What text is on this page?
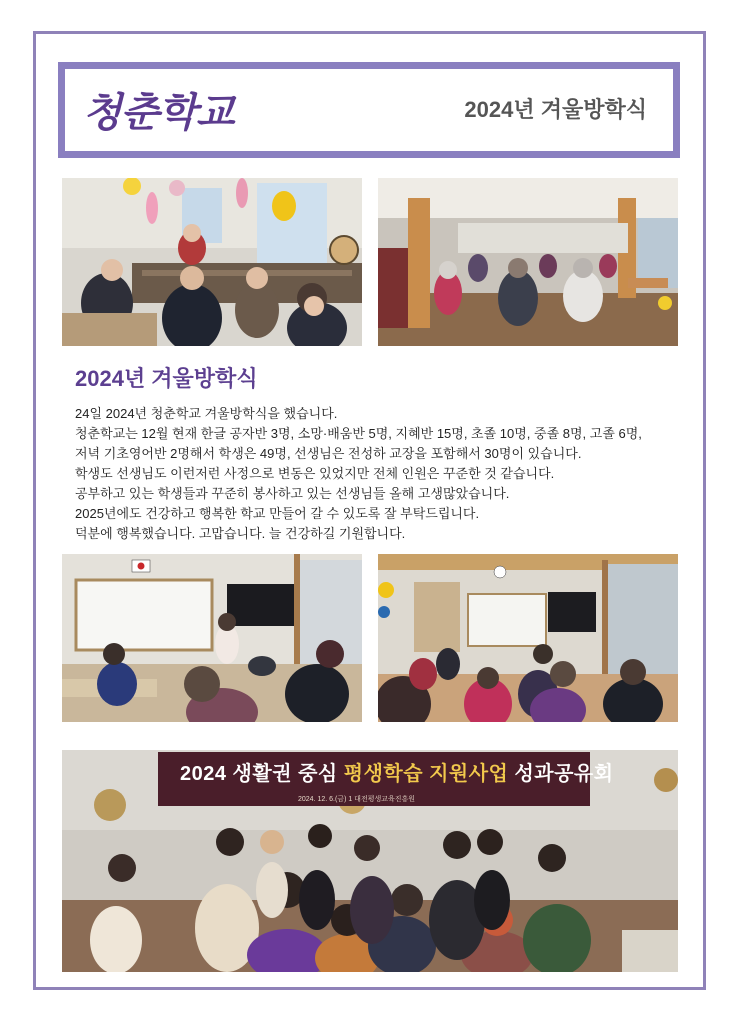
청춘학교	2024년 겨울방학식
2024년 겨울방학식

24일 2024년 청춘학교 겨울방학식을 했습니다.

청춘학교는 12월 현재 한글 공자반 3명, 소망·배움반 5명, 지혜반 15명, 초졸 10명, 중졸 8명, 고졸 6명,

저녁 기초영어반 2명해서 학생은 49명, 선생님은 전성하 교장을 포함해서 30명이 있습니다.

학생도 선생님도 이런저런 사정으로 변동은 있었지만 전체 인원은 꾸준한 것 같습니다.

공부하고 있는 학생들과 꾸준히 봉사하고 있는 선생님들 올해 고생많았습니다.

2025년에도 건강하고 행복한 학교 만들어 갈 수 있도록 잘 부탁드립니다.

덕분에 행복했습니다. 고맙습니다. 늘 건강하길 기원합니다.

2024 생활권 중심 평생학습 지원사업 성과공유회
2024. 12. 6.(금) 1 대전평생교육진흥원
